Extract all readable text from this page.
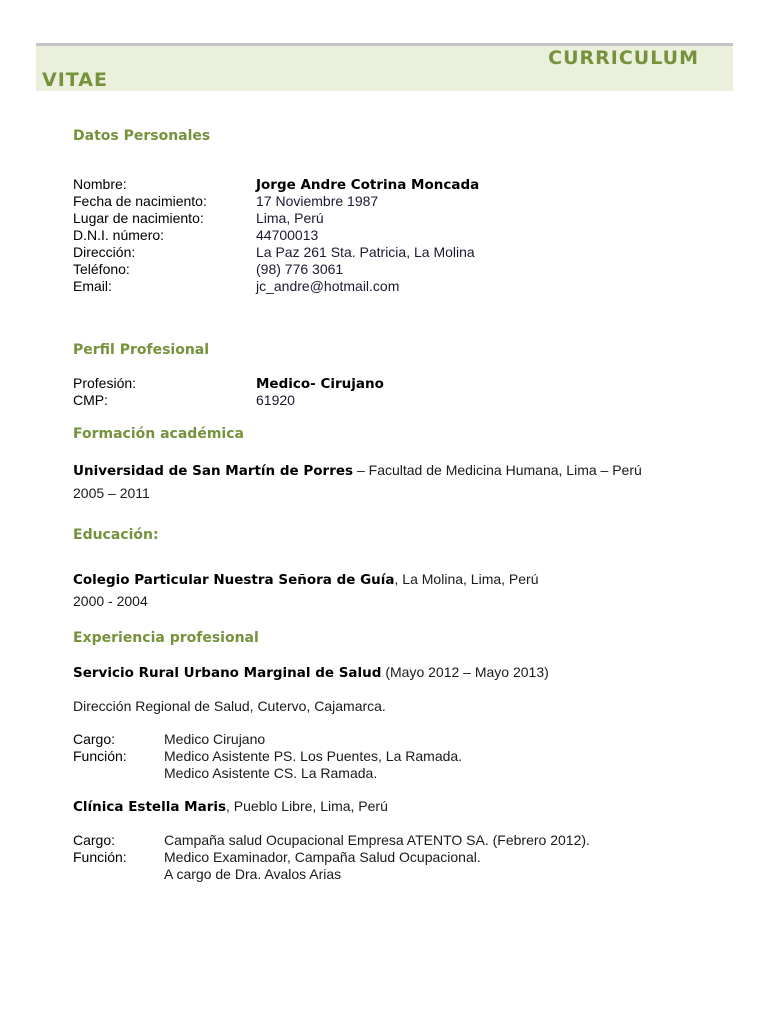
CURRICULUM
VITAE
Datos Personales
Nombre:	Jorge Andre Cotrina Moncada
Fecha de nacimiento:	17 Noviembre 1987
Lugar de nacimiento:	Lima, Perú
D.N.I. número:	44700013
Dirección:	La Paz 261 Sta. Patricia, La Molina
Teléfono:	(98) 776 3061
Email:	jc_andre@hotmail.com
Perfil Profesional
Profesión:	Medico- Cirujano
CMP:	61920
Formación académica
Universidad de San Martín de Porres – Facultad de Medicina Humana, Lima – Perú
2005 – 2011
Educación:
Colegio Particular Nuestra Señora de Guía, La Molina, Lima, Perú
2000 - 2004
Experiencia profesional
Servicio Rural Urbano Marginal de Salud (Mayo 2012 – Mayo 2013)
Dirección Regional de Salud, Cutervo, Cajamarca.
Cargo:	Medico Cirujano
Función:	Medico Asistente PS. Los Puentes, La Ramada.
Medico Asistente CS. La Ramada.
Clínica Estella Maris, Pueblo Libre, Lima, Perú
Cargo:	Campaña salud Ocupacional Empresa ATENTO SA. (Febrero 2012).
Función:	Medico Examinador, Campaña Salud Ocupacional.
A cargo de Dra. Avalos Arias
